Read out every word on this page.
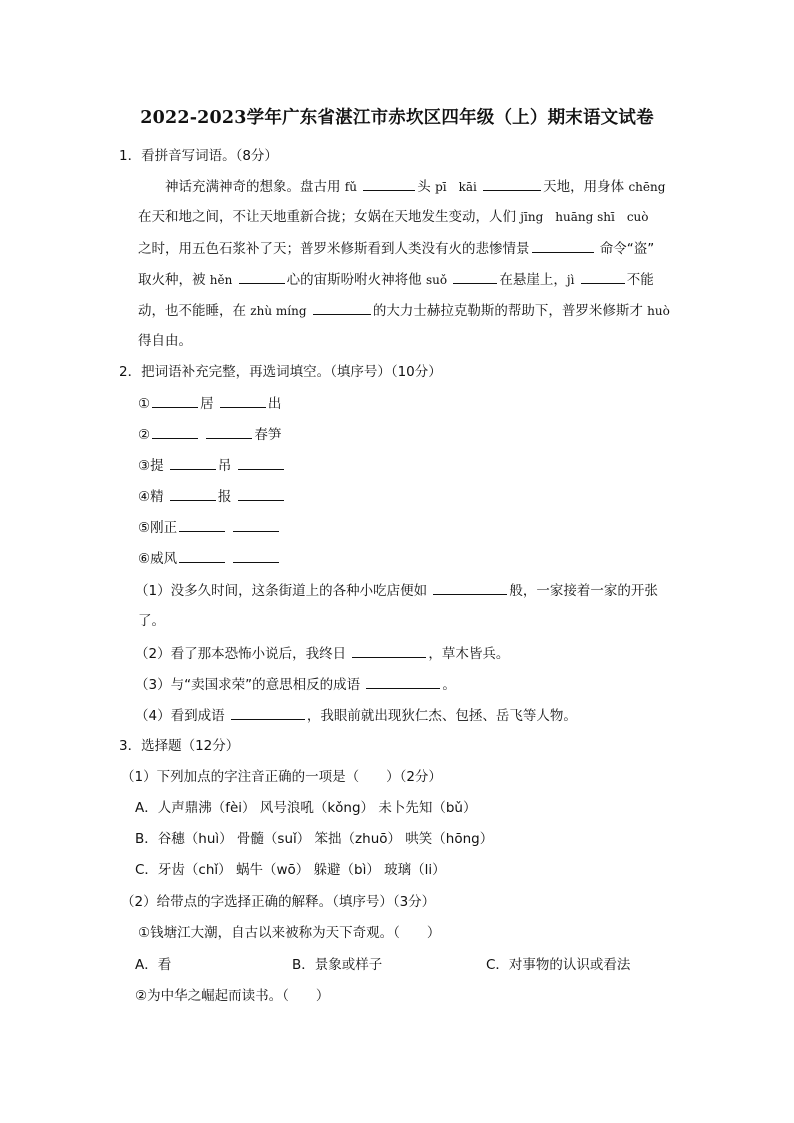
2022-2023学年广东省湛江市赤坎区四年级（上）期末语文试卷
1．看拼音写词语。（8分）
神话充满神奇的想象。盘古用 fǔ	头 pī　kāi	天地，用身体 chēng
在天和地之间，不让天地重新合拢；女娲在天地发生变动，人们 jīng　huāng shī　cuò
之时，用五色石浆补了天；普罗米修斯看到人类没有火的悲惨情景	命令“盗”
取火种，被 hěn	心的宙斯吩咐火神将他 suǒ	在悬崖上，jì	不能
动，也不能睡，在 zhù míng	的大力士赫拉克勒斯的帮助下，普罗米修斯才 huò
得自由。
2．把词语补充完整，再选词填空。（填序号）（10分）
①	居	出
②	春笋
③提	吊
④精	报
⑤刚正
⑥威风
（1）没多久时间，这条街道上的各种小吃店便如	般，一家接着一家的开张
了。
（2）看了那本恐怖小说后，我终日	，草木皆兵。
（3）与“卖国求荣”的意思相反的成语	。
（4）看到成语	，我眼前就出现狄仁杰、包拯、岳飞等人物。
3．选择题（12分）
（1）下列加点的字注音正确的一项是（　　）（2分）
A．人声鼎沸（fèi） 风号浪吼（kǒng） 未卜先知（bǔ）
B．谷穗（huì） 骨髓（suǐ） 笨拙（zhuō） 哄笑（hōng）
C．牙齿（chǐ） 蜗牛（wō） 躲避（bì） 玻璃（li）
（2）给带点的字选择正确的解释。（填序号）（3分）
①钱塘江大潮，自古以来被称为天下奇观。（　　）
A．看	B．景象或样子	C．对事物的认识或看法
②为中华之崛起而读书。（　　）
